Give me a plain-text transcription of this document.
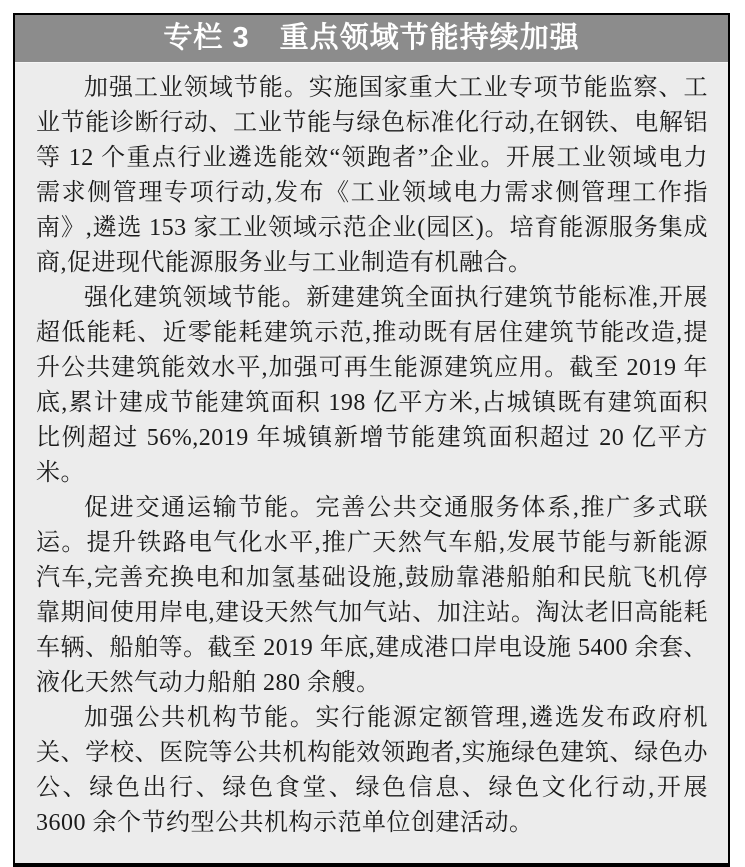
专栏 3　重点领域节能持续加强

加强工业领域节能。实施国家重大工业专项节能监察、工业节能诊断行动、工业节能与绿色标准化行动,在钢铁、电解铝等 12 个重点行业遴选能效“领跑者”企业。开展工业领域电力需求侧管理专项行动,发布《工业领域电力需求侧管理工作指南》,遴选 153 家工业领域示范企业(园区)。培育能源服务集成商,促进现代能源服务业与工业制造有机融合。

强化建筑领域节能。新建建筑全面执行建筑节能标准,开展超低能耗、近零能耗建筑示范,推动既有居住建筑节能改造,提升公共建筑能效水平,加强可再生能源建筑应用。截至 2019 年底,累计建成节能建筑面积 198 亿平方米,占城镇既有建筑面积比例超过 56%,2019 年城镇新增节能建筑面积超过 20 亿平方米。

促进交通运输节能。完善公共交通服务体系,推广多式联运。提升铁路电气化水平,推广天然气车船,发展节能与新能源汽车,完善充换电和加氢基础设施,鼓励靠港船舶和民航飞机停靠期间使用岸电,建设天然气加气站、加注站。淘汰老旧高能耗车辆、船舶等。截至 2019 年底,建成港口岸电设施 5400 余套、液化天然气动力船舶 280 余艘。

加强公共机构节能。实行能源定额管理,遴选发布政府机关、学校、医院等公共机构能效领跑者,实施绿色建筑、绿色办公、绿色出行、绿色食堂、绿色信息、绿色文化行动,开展 3600 余个节约型公共机构示范单位创建活动。
